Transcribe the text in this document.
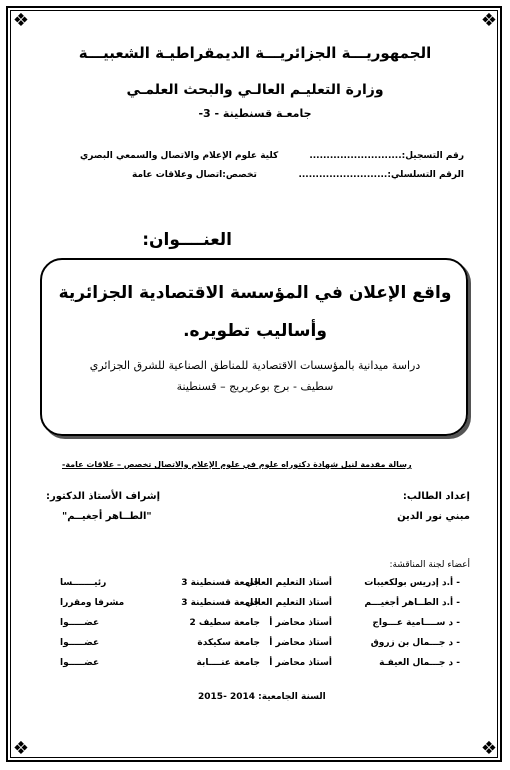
❖	❖
❖	❖
الجمهوريـــة الجزائريـــة الديمقراطيـة الشعبيـــة
وزارة التعليـم العالـي والبحث العلمـي
جامعـة قسنطينة - 3-
رقم التسجيل:...........................
الرقم التسلسلي:..........................
كلية علوم الإعلام والاتصال والسمعي البصري
تخصص:اتصال وعلاقات عامة
العنــــوان:
واقع الإعلان في المؤسسة الاقتصادية الجزائرية
وأساليب تطويره.
دراسة ميدانية بالمؤسسات الاقتصادية للمناطق الصناعية للشرق الجزائري
سطيف - برج بوعريريج – قسنطينة
رسالة مقدمة لنيل شهادة دكتوراه علوم في علوم الإعلام والاتصال تخصص – علاقات عامة-
إعداد الطالب:
مبني نور الدين
إشراف الأستاذ الدكتور:
"الطــاهر أجغيــم"
أعضاء لجنة المناقشة:
- أ.د إدريس بولكعيبات
أستاذ التعليم العالي
جامعة قسنطينة 3
رئيـــــــسا
- أ.د الطــاهر أجغيـــم
أستاذ التعليم العالي
جامعة قسنطينة 3
مشرفا ومقررا
- د ســــامية عـــواج
أستاذ محاضر أ
جامعة سطيف 2
عضـــــوا
- د جـــمال بن زروق
أستاذ محاضر أ
جامعة سكيكدة
عضـــــوا
- د جـــمال العيفـة
أستاذ محاضر أ
جامعة عنــــابة
عضـــــوا
السنة الجامعية: 2014 -2015
